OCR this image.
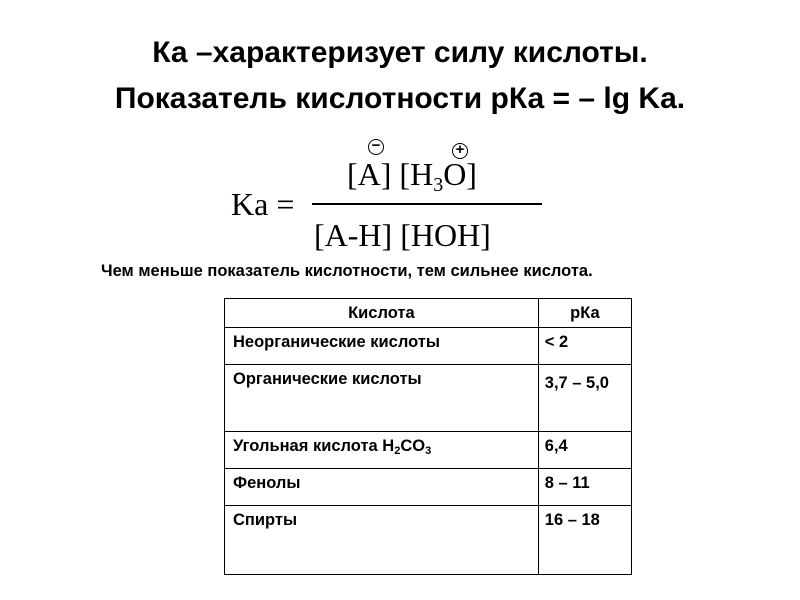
Ка –характеризует силу кислоты.
Показатель кислотности рКа = – lg Ka.
Ka =
[A] $[H_3O]$
−	+
[A-H] [HOH]
Чем меньше показатель кислотности, тем сильнее кислота.
Кислота	рКа
Неорганические кислоты	< 2
Органические кислоты	3,7 – 5,0
Угольная кислота $H_2CO_3$	6,4
Фенолы	8 – 11
Спирты	16 – 18
